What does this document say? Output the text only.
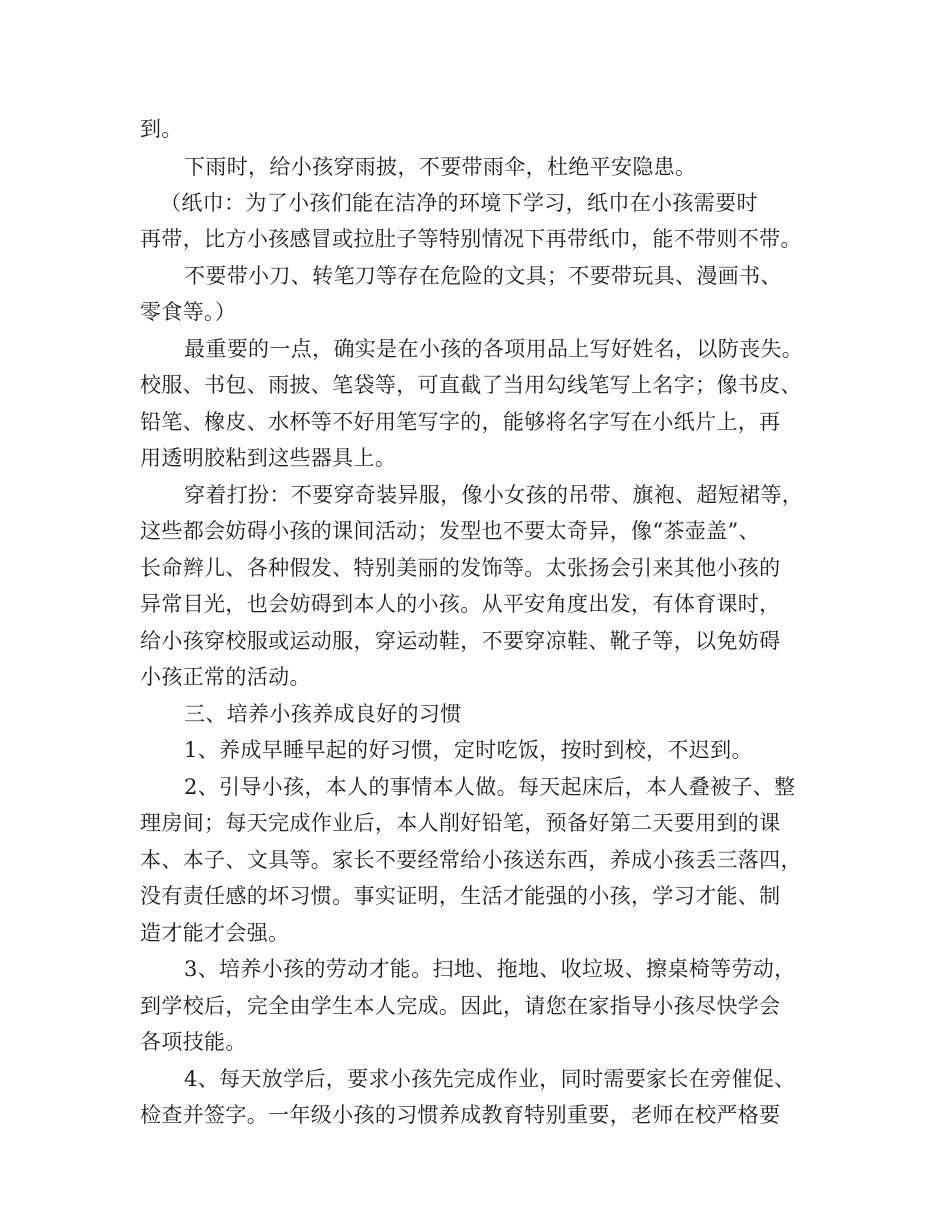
到。
下雨时，给小孩穿雨披，不要带雨伞，杜绝平安隐患。
（纸巾：为了小孩们能在洁净的环境下学习，纸巾在小孩需要时
再带，比方小孩感冒或拉肚子等特别情况下再带纸巾，能不带则不带。
不要带小刀、转笔刀等存在危险的文具；不要带玩具、漫画书、
零食等。）
最重要的一点，确实是在小孩的各项用品上写好姓名，以防丧失。
校服、书包、雨披、笔袋等，可直截了当用勾线笔写上名字；像书皮、
铅笔、橡皮、水杯等不好用笔写字的，能够将名字写在小纸片上，再
用透明胶粘到这些器具上。
穿着打扮：不要穿奇装异服，像小女孩的吊带、旗袍、超短裙等，
这些都会妨碍小孩的课间活动；发型也不要太奇异，像“茶壶盖”、
长命辫儿、各种假发、特别美丽的发饰等。太张扬会引来其他小孩的
异常目光，也会妨碍到本人的小孩。从平安角度出发，有体育课时，
给小孩穿校服或运动服，穿运动鞋，不要穿凉鞋、靴子等，以免妨碍
小孩正常的活动。
三、培养小孩养成良好的习惯
1、养成早睡早起的好习惯，定时吃饭，按时到校，不迟到。
2、引导小孩，本人的事情本人做。每天起床后，本人叠被子、整
理房间；每天完成作业后，本人削好铅笔，预备好第二天要用到的课
本、本子、文具等。家长不要经常给小孩送东西，养成小孩丢三落四，
没有责任感的坏习惯。事实证明，生活才能强的小孩，学习才能、制
造才能才会强。
3、培养小孩的劳动才能。扫地、拖地、收垃圾、擦桌椅等劳动，
到学校后，完全由学生本人完成。因此，请您在家指导小孩尽快学会
各项技能。
4、每天放学后，要求小孩先完成作业，同时需要家长在旁催促、
检查并签字。一年级小孩的习惯养成教育特别重要，老师在校严格要
